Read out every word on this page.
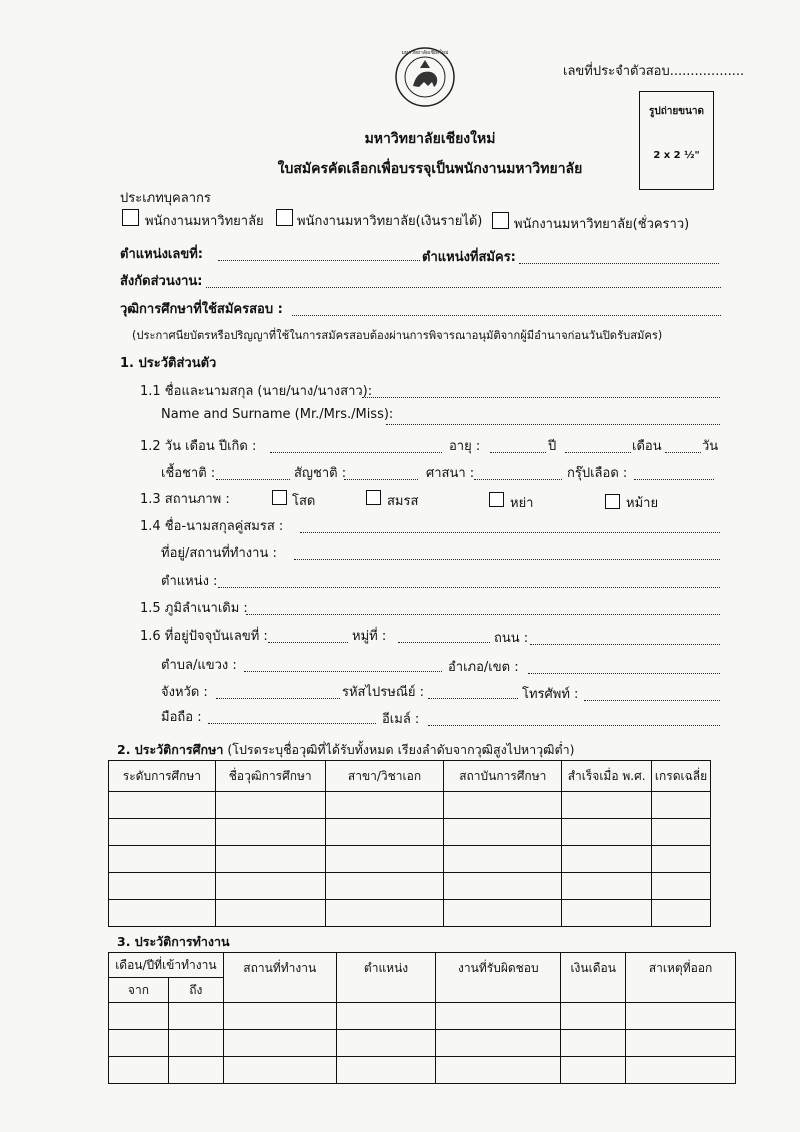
เลขที่ประจำตัวสอบ..................
มหาวิทยาลัยเชียงใหม่
รูปถ่ายขนาด
2 x 2 ½"
มหาวิทยาลัยเชียงใหม่
ใบสมัครคัดเลือกเพื่อบรรจุเป็นพนักงานมหาวิทยาลัย
ประเภทบุคลากร
พนักงานมหาวิทยาลัย	พนักงานมหาวิทยาลัย(เงินรายได้) พนักงานมหาวิทยาลัย(ชั่วคราว)
ตำแหน่งเลขที่:	ตำแหน่งที่สมัคร:
สังกัดส่วนงาน:
วุฒิการศึกษาที่ใช้สมัครสอบ :
(ประกาศนียบัตรหรือปริญญาที่ใช้ในการสมัครสอบต้องผ่านการพิจารณาอนุมัติจากผู้มีอำนาจก่อนวันปิดรับสมัคร)
1. ประวัติส่วนตัว
1.1 ชื่อและนามสกุล (นาย/นาง/นางสาว):
Name and Surname (Mr./Mrs./Miss):
1.2 วัน เดือน ปีเกิด :	อายุ :	ปี	เดือน	วัน
เชื้อชาติ :	สัญชาติ :	ศาสนา :	กรุ๊ปเลือด :
1.3 สถานภาพ :	โสด	สมรส	หย่า	หม้าย
1.4 ชื่อ-นามสกุลคู่สมรส :
ที่อยู่/สถานที่ทำงาน :
ตำแหน่ง :
1.5 ภูมิลำเนาเดิม :
1.6 ที่อยู่ปัจจุบันเลขที่ :	หมู่ที่ :	ถนน :
ตำบล/แขวง :	อำเภอ/เขต :
จังหวัด :	รหัสไปรษณีย์ :	โทรศัพท์ :
มือถือ :	อีเมล์ :
2. ประวัติการศึกษา (โปรดระบุชื่อวุฒิที่ได้รับทั้งหมด เรียงลำดับจากวุฒิสูงไปหาวุฒิต่ำ)
ระดับการศึกษา	ชื่อวุฒิการศึกษา	สาขา/วิชาเอก	สถาบันการศึกษา	สำเร็จเมื่อ พ.ศ.	เกรดเฉลี่ย

3. ประวัติการทำงาน
เดือน/ปีที่เข้าทำงาน		สถานที่ทำงาน	ตำแหน่ง	งานที่รับผิดชอบ	เงินเดือน	สาเหตุที่ออก
จาก	ถึง					
